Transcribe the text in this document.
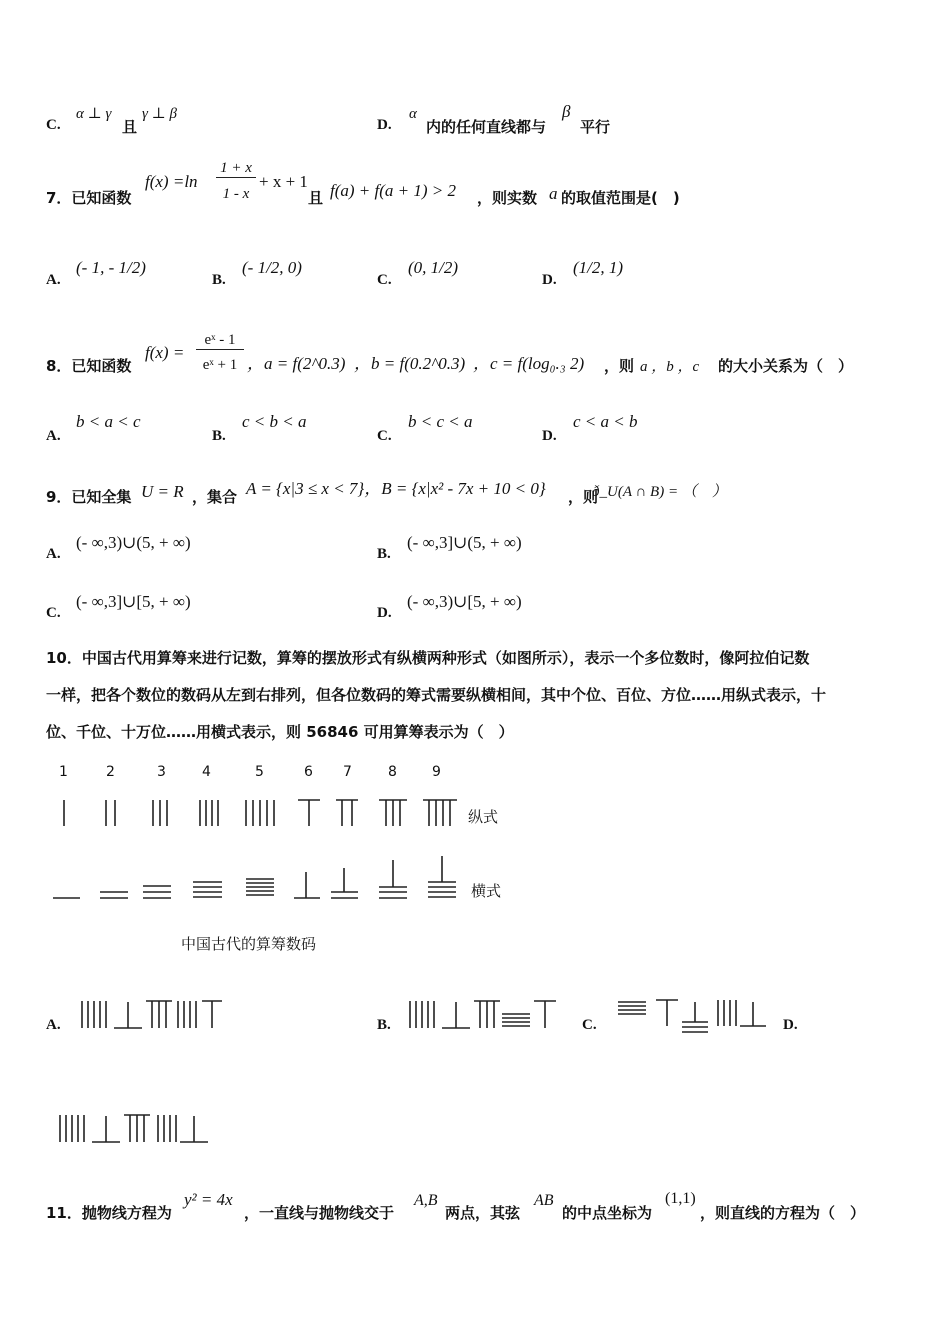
C.
α ⊥ γ
且
γ ⊥ β
D.
α
内的任何直线都与
β
平行
7．已知函数
f(x) =ln
1 + x
1 - x
+ x + 1
且 f(a) + f(a + 1) > 2 ，则实数 a 的取值范围是(　)
A.
(- 1, - 1/2)
B.
(- 1/2, 0)
C.
(0, 1/2)
D.
(1/2, 1)
8．已知函数
f(x) =
eˣ - 1
eˣ + 1 ，a = f(2^0.3) ，b = f(0.2^0.3) ，c = f(log₀.₃ 2) ，则 a ，b ，c 的大小关系为（　）
A.
b < a < c
B.
c < b < a
C.
b < c < a
D.
c < a < b
9．已知全集 U = R ，集合 A = {x|3 ≤ x < 7}，B = {x|x² - 7x + 10 < 0} ，则
ð_U(A ∩ B) = （　）
A.
(- ∞,3)∪(5, + ∞)
B.
(- ∞,3]∪(5, + ∞)
C.
(- ∞,3]∪[5, + ∞)
D.
(- ∞,3)∪[5, + ∞)
10．中国古代用算筹来进行记数，算筹的摆放形式有纵横两种形式（如图所示），表示一个多位数时，像阿拉伯记数
一样，把各个数位的数码从左到右排列，但各位数码的筹式需要纵横相间，其中个位、百位、方位……用纵式表示，十
位、千位、十万位……用横式表示，则 56846 可用算筹表示为（　）
1	2	3	4	5	6 7	8	9
纵式
横式
中国古代的算筹数码
A.	B.	C.	D.
11．抛物线方程为
y² = 4x
，一直线与抛物线交于
A,B
两点，其弦
AB
的中点坐标为
(1,1)
，则直线的方程为（　）
